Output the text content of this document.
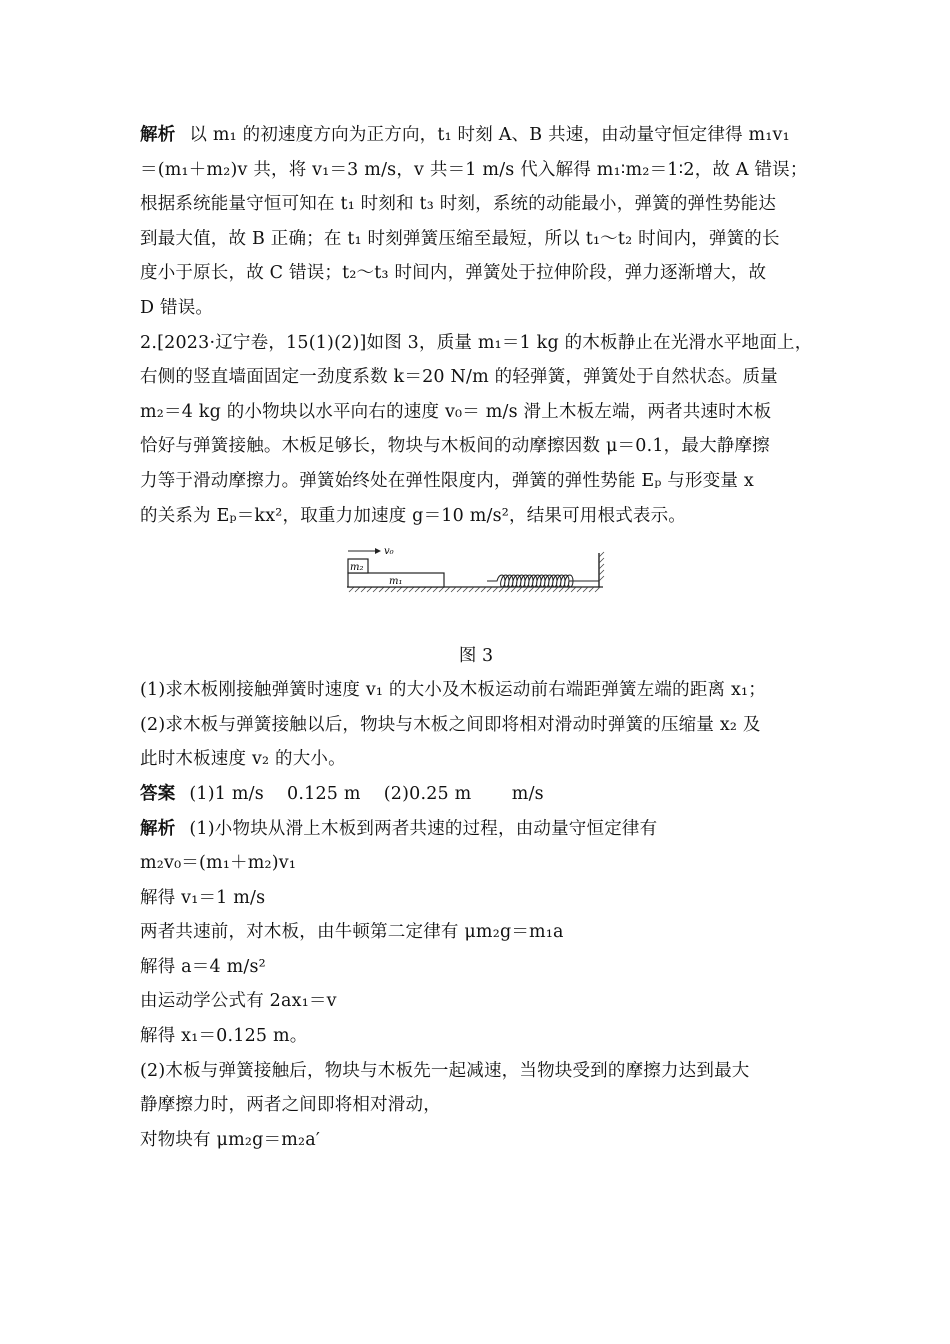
解析 以 m₁ 的初速度方向为正方向，t₁ 时刻 A、B 共速，由动量守恒定律得 m₁v₁
＝(m₁＋m₂)v 共，将 v₁＝3 m/s，v 共＝1 m/s 代入解得 m₁∶m₂＝1∶2，故 A 错误；
根据系统能量守恒可知在 t₁ 时刻和 t₃ 时刻，系统的动能最小，弹簧的弹性势能达
到最大值，故 B 正确；在 t₁ 时刻弹簧压缩至最短，所以 t₁～t₂ 时间内，弹簧的长
度小于原长，故 C 错误；t₂～t₃ 时间内，弹簧处于拉伸阶段，弹力逐渐增大，故
D 错误。
2.[2023·辽宁卷，15(1)(2)]如图 3，质量 m₁＝1 kg 的木板静止在光滑水平地面上，
右侧的竖直墙面固定一劲度系数 k＝20 N/m 的轻弹簧，弹簧处于自然状态。质量
m₂＝4 kg 的小物块以水平向右的速度 v₀＝ m/s 滑上木板左端，两者共速时木板
恰好与弹簧接触。木板足够长，物块与木板间的动摩擦因数 μ＝0.1，最大静摩擦
力等于滑动摩擦力。弹簧始终处在弹性限度内，弹簧的弹性势能 Eₚ 与形变量 x
的关系为 Eₚ＝kx²，取重力加速度 g＝10 m/s²，结果可用根式表示。
m₁
m₂
v₀
图 3
(1)求木板刚接触弹簧时速度 v₁ 的大小及木板运动前右端距弹簧左端的距离 x₁；
(2)求木板与弹簧接触以后，物块与木板之间即将相对滑动时弹簧的压缩量 x₂ 及
此时木板速度 v₂ 的大小。
答案 (1)1 m/s    0.125 m    (2)0.25 m       m/s
解析 (1)小物块从滑上木板到两者共速的过程，由动量守恒定律有
m₂v₀＝(m₁＋m₂)v₁
解得 v₁＝1 m/s
两者共速前，对木板，由牛顿第二定律有 μm₂g＝m₁a
解得 a＝4 m/s²
由运动学公式有 2ax₁＝v
解得 x₁＝0.125 m。
(2)木板与弹簧接触后，物块与木板先一起减速，当物块受到的摩擦力达到最大
静摩擦力时，两者之间即将相对滑动，
对物块有 μm₂g＝m₂a′
